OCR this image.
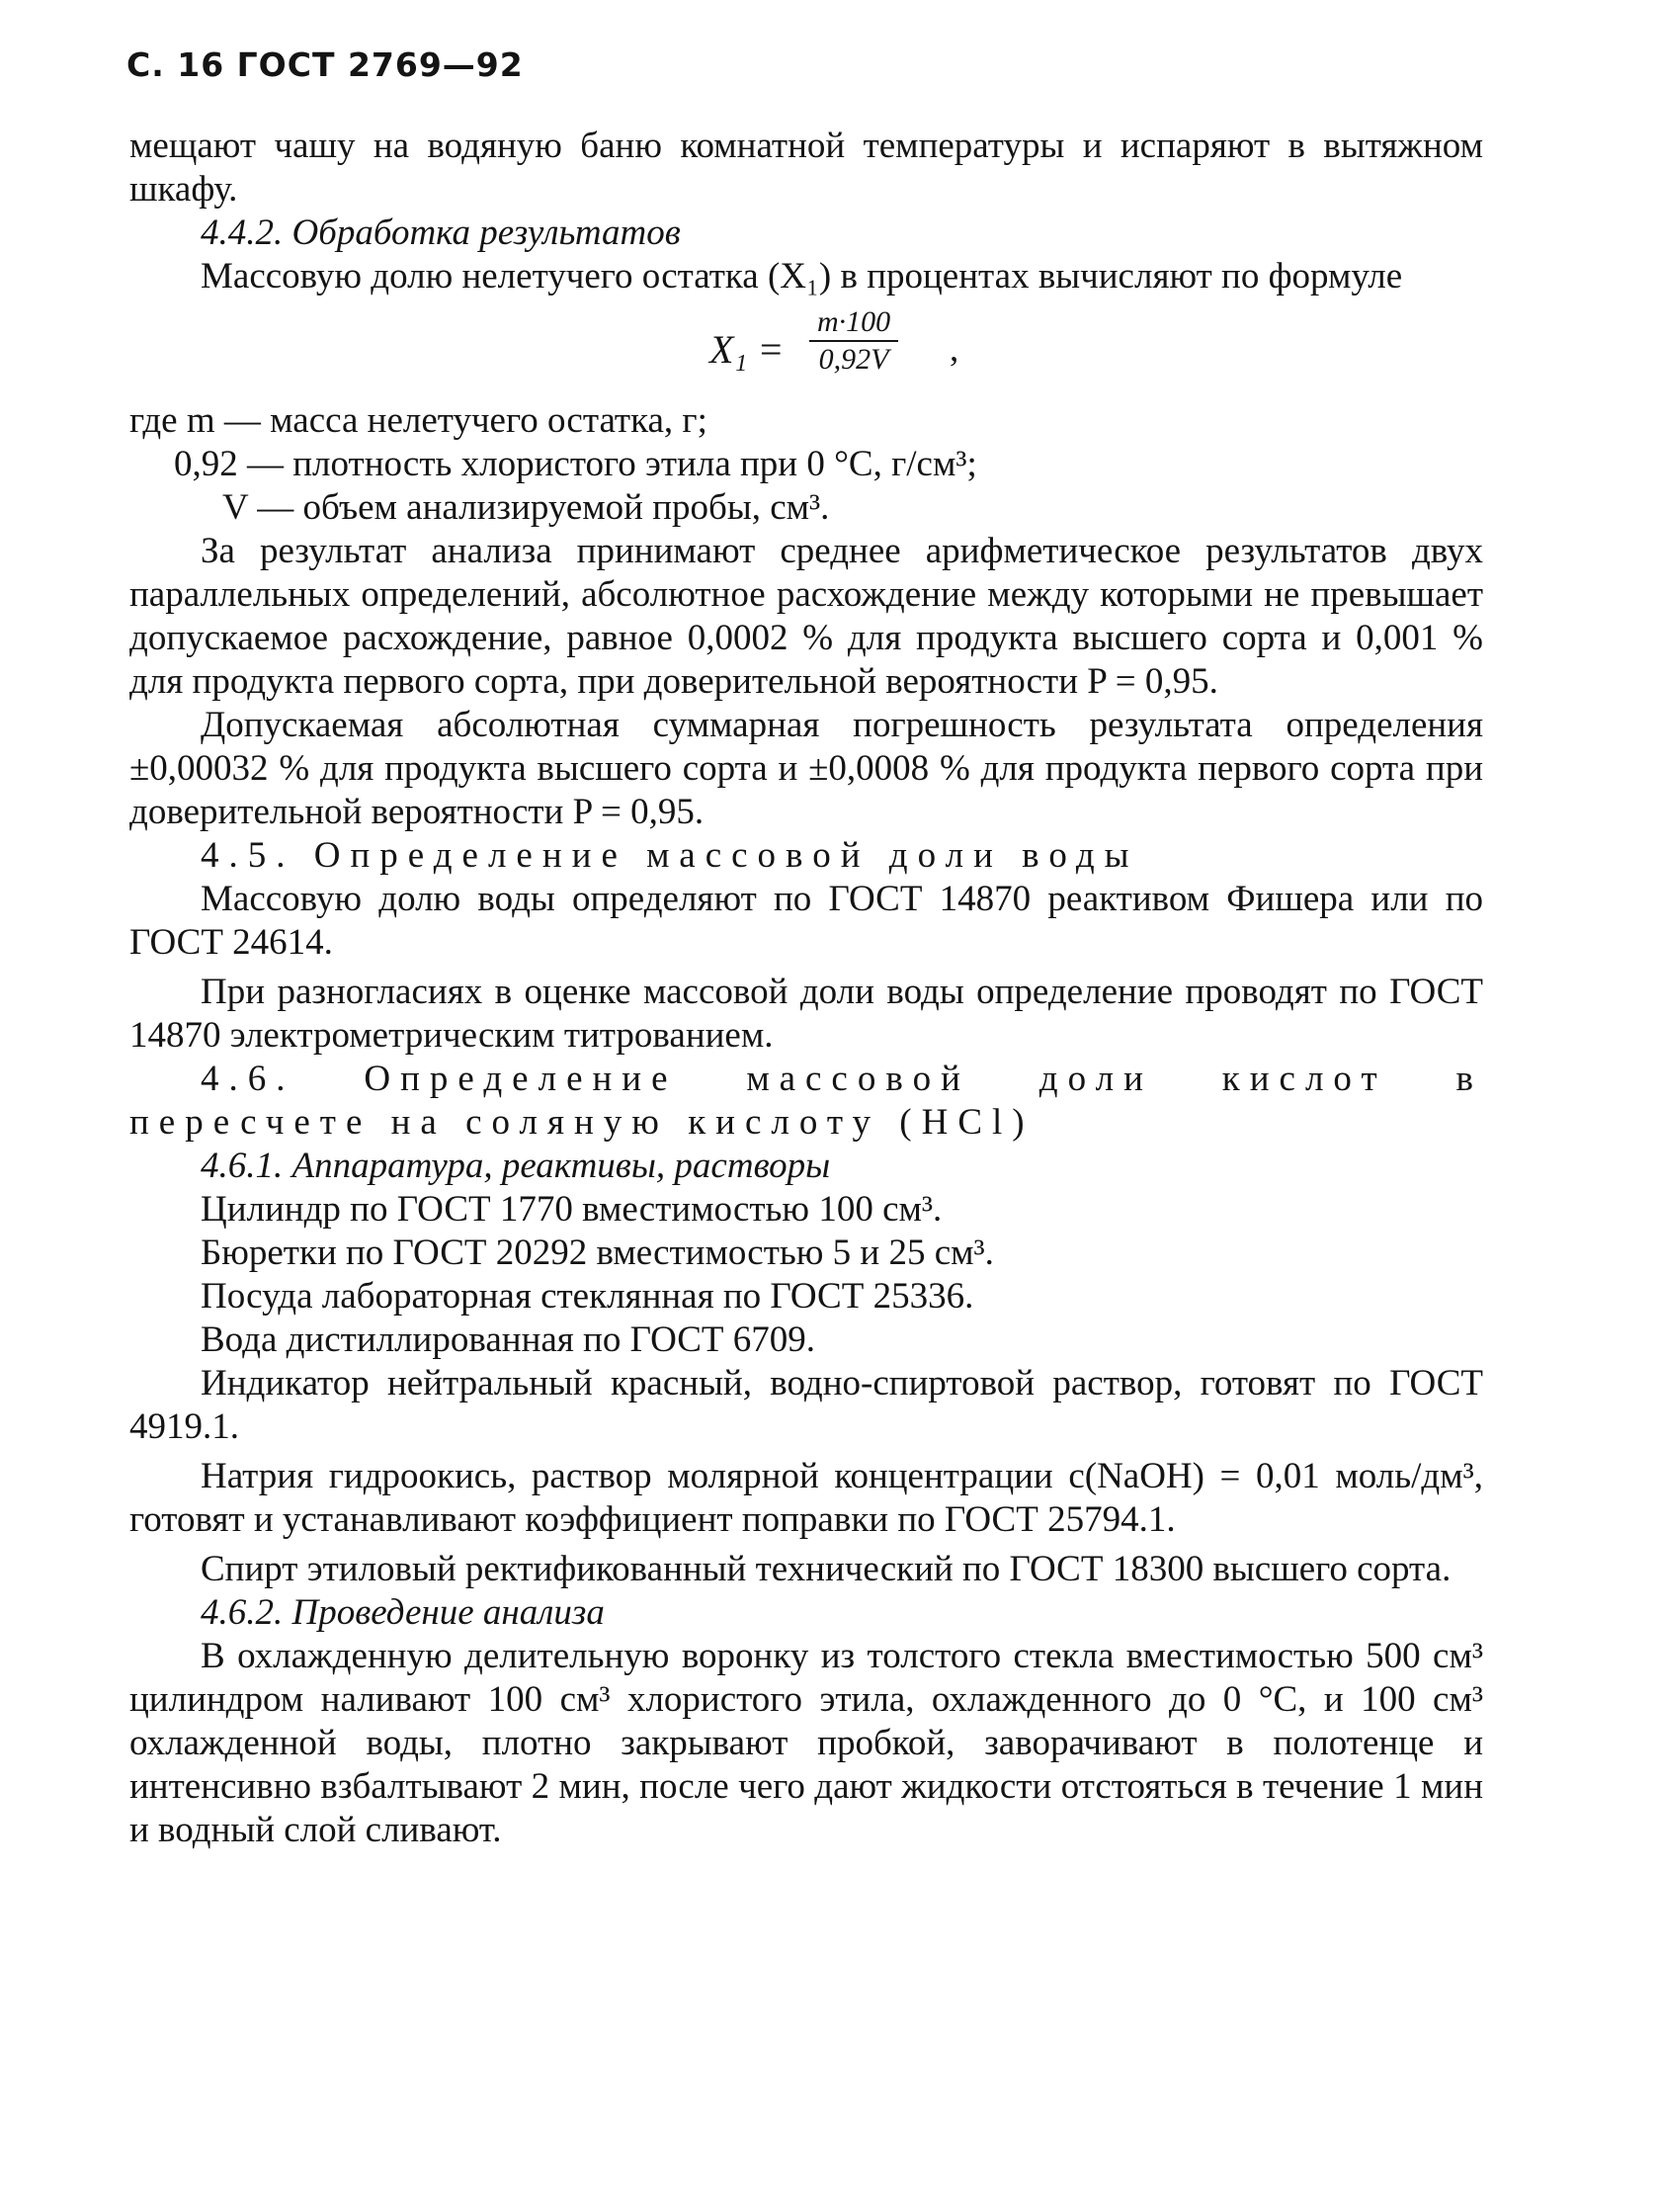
С. 16 ГОСТ 2769—92

мещают чашу на водяную баню комнатной температуры и испаряют в вытяжном шкафу.

4.4.2. Обработка результатов

Массовую долю нелетучего остатка (X₁) в процентах вычисляют по формуле

$X_1 = \frac{m\cdot 100}{0,92V}$ ,

где m — масса нелетучего остатка, г;

0,92 — плотность хлористого этила при 0 °С, г/см³;

V — объем анализируемой пробы, см³.

За результат анализа принимают среднее арифметическое результатов двух параллельных определений, абсолютное расхождение между которыми не превышает допускаемое расхождение, равное 0,0002 % для продукта высшего сорта и 0,001 % для продукта первого сорта, при доверительной вероятности P = 0,95.

Допускаемая абсолютная суммарная погрешность результата определения ±0,00032 % для продукта высшего сорта и ±0,0008 % для продукта первого сорта при доверительной вероятности P = 0,95.

4.5. Определение массовой доли воды

Массовую долю воды определяют по ГОСТ 14870 реактивом Фишера или по ГОСТ 24614.

При разногласиях в оценке массовой доли воды определение проводят по ГОСТ 14870 электрометрическим титрованием.

4.6. Определение массовой доли кислот в пересчете на соляную кислоту (HCl)

4.6.1. Аппаратура, реактивы, растворы

Цилиндр по ГОСТ 1770 вместимостью 100 см³.

Бюретки по ГОСТ 20292 вместимостью 5 и 25 см³.

Посуда лабораторная стеклянная по ГОСТ 25336.

Вода дистиллированная по ГОСТ 6709.

Индикатор нейтральный красный, водно-спиртовой раствор, готовят по ГОСТ 4919.1.

Натрия гидроокись, раствор молярной концентрации c(NaOH) = 0,01 моль/дм³, готовят и устанавливают коэффициент поправки по ГОСТ 25794.1.

Спирт этиловый ректификованный технический по ГОСТ 18300 высшего сорта.

4.6.2. Проведение анализа

В охлажденную делительную воронку из толстого стекла вместимостью 500 см³ цилиндром наливают 100 см³ хлористого этила, охлажденного до 0 °С, и 100 см³ охлажденной воды, плотно закрывают пробкой, заворачивают в полотенце и интенсивно взбалтывают 2 мин, после чего дают жидкости отстояться в течение 1 мин и водный слой сливают.
